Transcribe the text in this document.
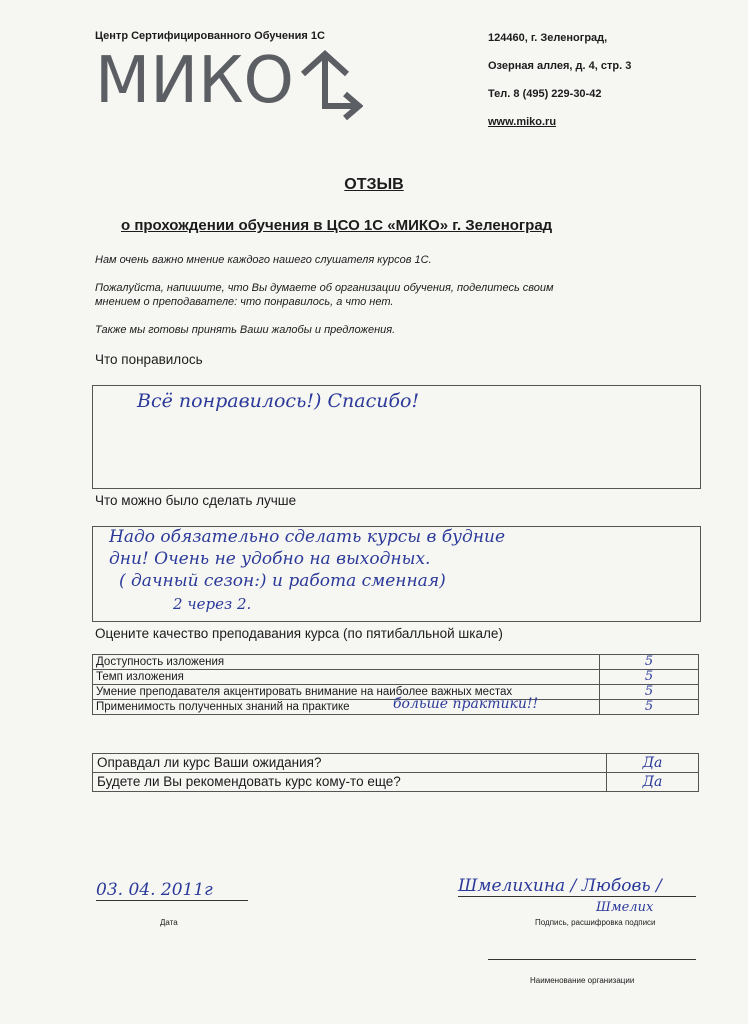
Центр Сертифицированного Обучения 1С
МИКО
124460, г. Зеленоград,
Озерная аллея, д. 4, стр. 3
Тел. 8 (495) 229-30-42
www.miko.ru
ОТЗЫВ
о прохождении обучения в ЦСО 1С «МИКО» г. Зеленоград
Нам очень важно мнение каждого нашего слушателя курсов 1С.
Пожалуйста, напишите, что Вы думаете об организации обучения, поделитесь своим
мнением о преподавателе: что понравилось, а что нет.
Также мы готовы принять Ваши жалобы и предложения.
Что понравилось
Всё понравилось!) Спасибо!
Что можно было сделать лучше
Надо обязательно сделать курсы в будние
дни! Очень не удобно на выходных.
( дачный сезон:) и работа сменная)
2 через 2.
Оцените качество преподавания курса (по пятибалльной шкале)
Доступность изложения	5
Темп изложения	5
Умение преподавателя акцентировать внимание на наиболее важных местах	5
Применимость полученных знаний на практике больше практики!!	5
Оправдал ли курс Ваши ожидания?	Да
Будете ли Вы рекомендовать курс кому-то еще?	Да
03. 04. 2011г
Дата
Шмелихина / Любовь /
Шмелих
Подпись, расшифровка подписи
Наименование организации
